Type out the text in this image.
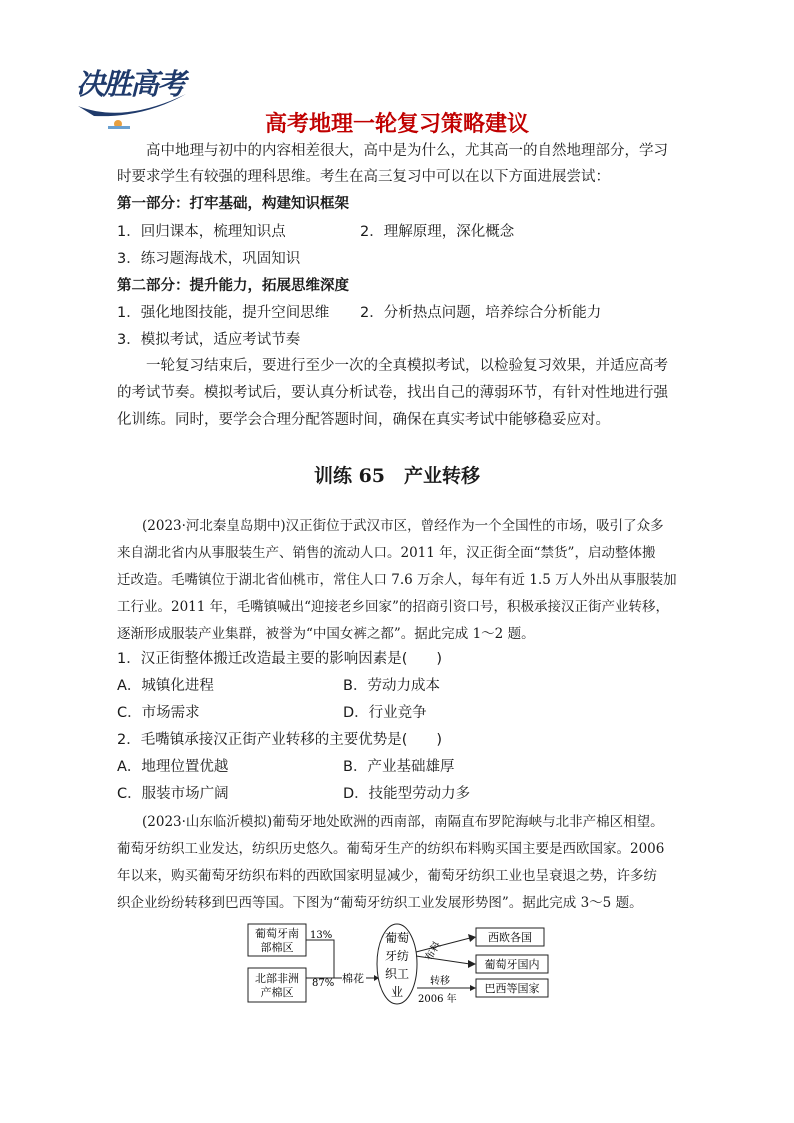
决胜高考
高考地理一轮复习策略建议
高中地理与初中的内容相差很大，高中是为什么，尤其高一的自然地理部分，学习
时要求学生有较强的理科思维。考生在高三复习中可以在以下方面进展尝试：
第一部分：打牢基础，构建知识框架
1．回归课本，梳理知识点	2．理解原理，深化概念
3．练习题海战术，巩固知识
第二部分：提升能力，拓展思维深度
1．强化地图技能，提升空间思维 2．分析热点问题，培养综合分析能力
3．模拟考试，适应考试节奏
一轮复习结束后，要进行至少一次的全真模拟考试，以检验复习效果，并适应高考
的考试节奏。模拟考试后，要认真分析试卷，找出自己的薄弱环节，有针对性地进行强
化训练。同时，要学会合理分配答题时间，确保在真实考试中能够稳妥应对。
训练 65　产业转移
(2023·河北秦皇岛期中)汉正街位于武汉市区，曾经作为一个全国性的市场，吸引了众多
来自湖北省内从事服装生产、销售的流动人口。2011 年，汉正街全面“禁货”，启动整体搬
迁改造。毛嘴镇位于湖北省仙桃市，常住人口 7.6 万余人，每年有近 1.5 万人外出从事服装加
工行业。2011 年，毛嘴镇喊出“迎接老乡回家”的招商引资口号，积极承接汉正街产业转移，
逐渐形成服装产业集群，被誉为“中国女裤之都”。据此完成 1～2 题。
1．汉正街整体搬迁改造最主要的影响因素是(　　)
A．城镇化进程	B．劳动力成本
C．市场需求	D．行业竞争
2．毛嘴镇承接汉正街产业转移的主要优势是(　　)
A．地理位置优越	B．产业基础雄厚
C．服装市场广阔	D．技能型劳动力多
(2023·山东临沂模拟)葡萄牙地处欧洲的西南部，南隔直布罗陀海峡与北非产棉区相望。
葡萄牙纺织工业发达，纺织历史悠久。葡萄牙生产的纺织布料购买国主要是西欧国家。2006
年以来，购买葡萄牙纺织布料的西欧国家明显减少，葡萄牙纺织工业也呈衰退之势，许多纺
织企业纷纷转移到巴西等国。下图为“葡萄牙纺织工业发展形势图”。据此完成 3～5 题。
葡萄牙南
部棉区
北部非洲
产棉区
13%
87% 棉花
葡萄
牙纺
织工
业
布料
转移
2006 年
西欧各国
葡萄牙国内
巴西等国家
